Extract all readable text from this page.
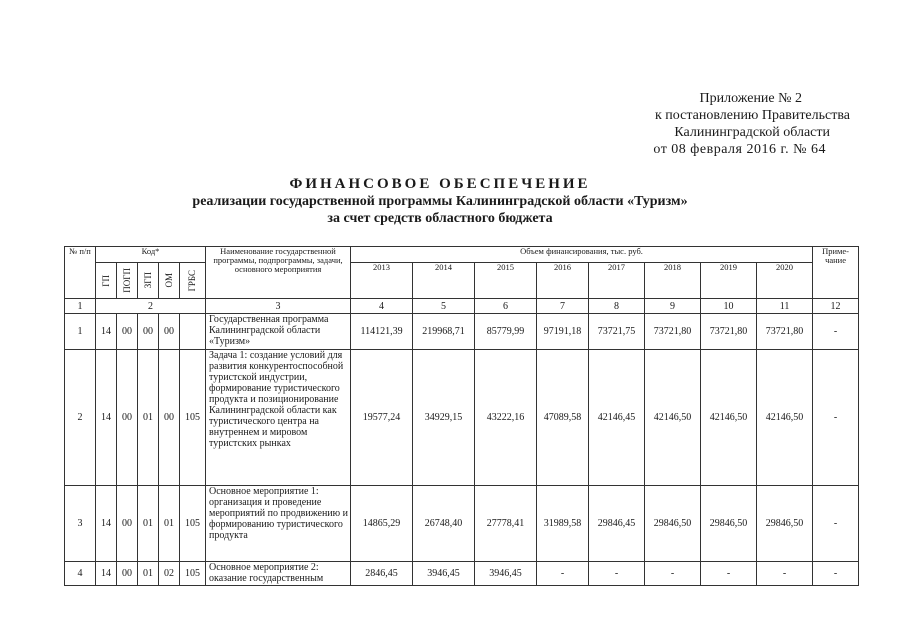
Приложение № 2
к постановлению Правительства
Калининградской области
от 08 февраля 2016 г. № 64
ФИНАНСОВОЕ ОБЕСПЕЧЕНИЕ
реализации государственной программы Калининградской области «Туризм»
за счет средств областного бюджета
№ п/п	Код*					Наименование государственной программы, подпрограммы, задачи, основного мероприятия	Объем финансирования, тыс. руб.								Приме-чание

	ГП	ПОГП	ЗГП	ОМ	ГРБС		2013	2014	2015	2016	2017	2018	2019	2020	
1	2					3	4	5	6	7	8	9	10	11	12
1	14	00	00	00		Государственная программа Калининградской области «Туризм»	114121,39	219968,71	85779,99	97191,18	73721,75	73721,80	73721,80	73721,80	-
2	14	00	01	00	105	Задача 1: создание условий для развития конкурентоспособной туристской индустрии, формирование туристического продукта и позиционирование Калининградской области как туристического центра на внутреннем и мировом туристских рынках	19577,24	34929,15	43222,16	47089,58	42146,45	42146,50	42146,50	42146,50	-
3	14	00	01	01	105	Основное мероприятие 1: организация и проведение мероприятий по продвижению и формированию туристического продукта	14865,29	26748,40	27778,41	31989,58	29846,45	29846,50	29846,50	29846,50	-
4	14	00	01	02	105	Основное мероприятие 2: оказание государственным	2846,45	3946,45	3946,45	-	-	-	-	-	-
